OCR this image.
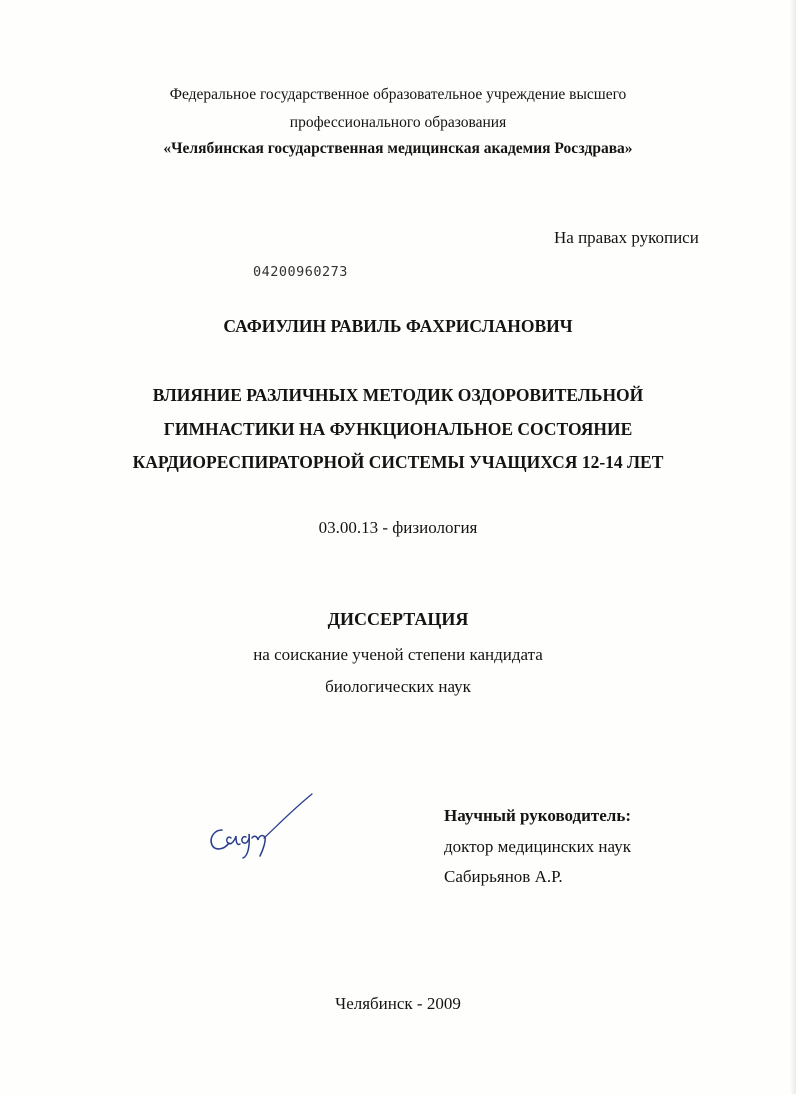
Федеральное государственное образовательное учреждение высшего
профессионального образования
«Челябинская государственная медицинская академия Росздрава»
На правах рукописи
04200960273
САФИУЛИН РАВИЛЬ ФАХРИСЛАНОВИЧ
ВЛИЯНИЕ РАЗЛИЧНЫХ МЕТОДИК ОЗДОРОВИТЕЛЬНОЙ
ГИМНАСТИКИ НА ФУНКЦИОНАЛЬНОЕ СОСТОЯНИЕ
КАРДИОРЕСПИРАТОРНОЙ СИСТЕМЫ УЧАЩИХСЯ 12-14 ЛЕТ
03.00.13 - физиология
ДИССЕРТАЦИЯ
на соискание ученой степени кандидата
биологических наук
Научный руководитель:
доктор медицинских наук
Сабирьянов А.Р.
Челябинск - 2009
